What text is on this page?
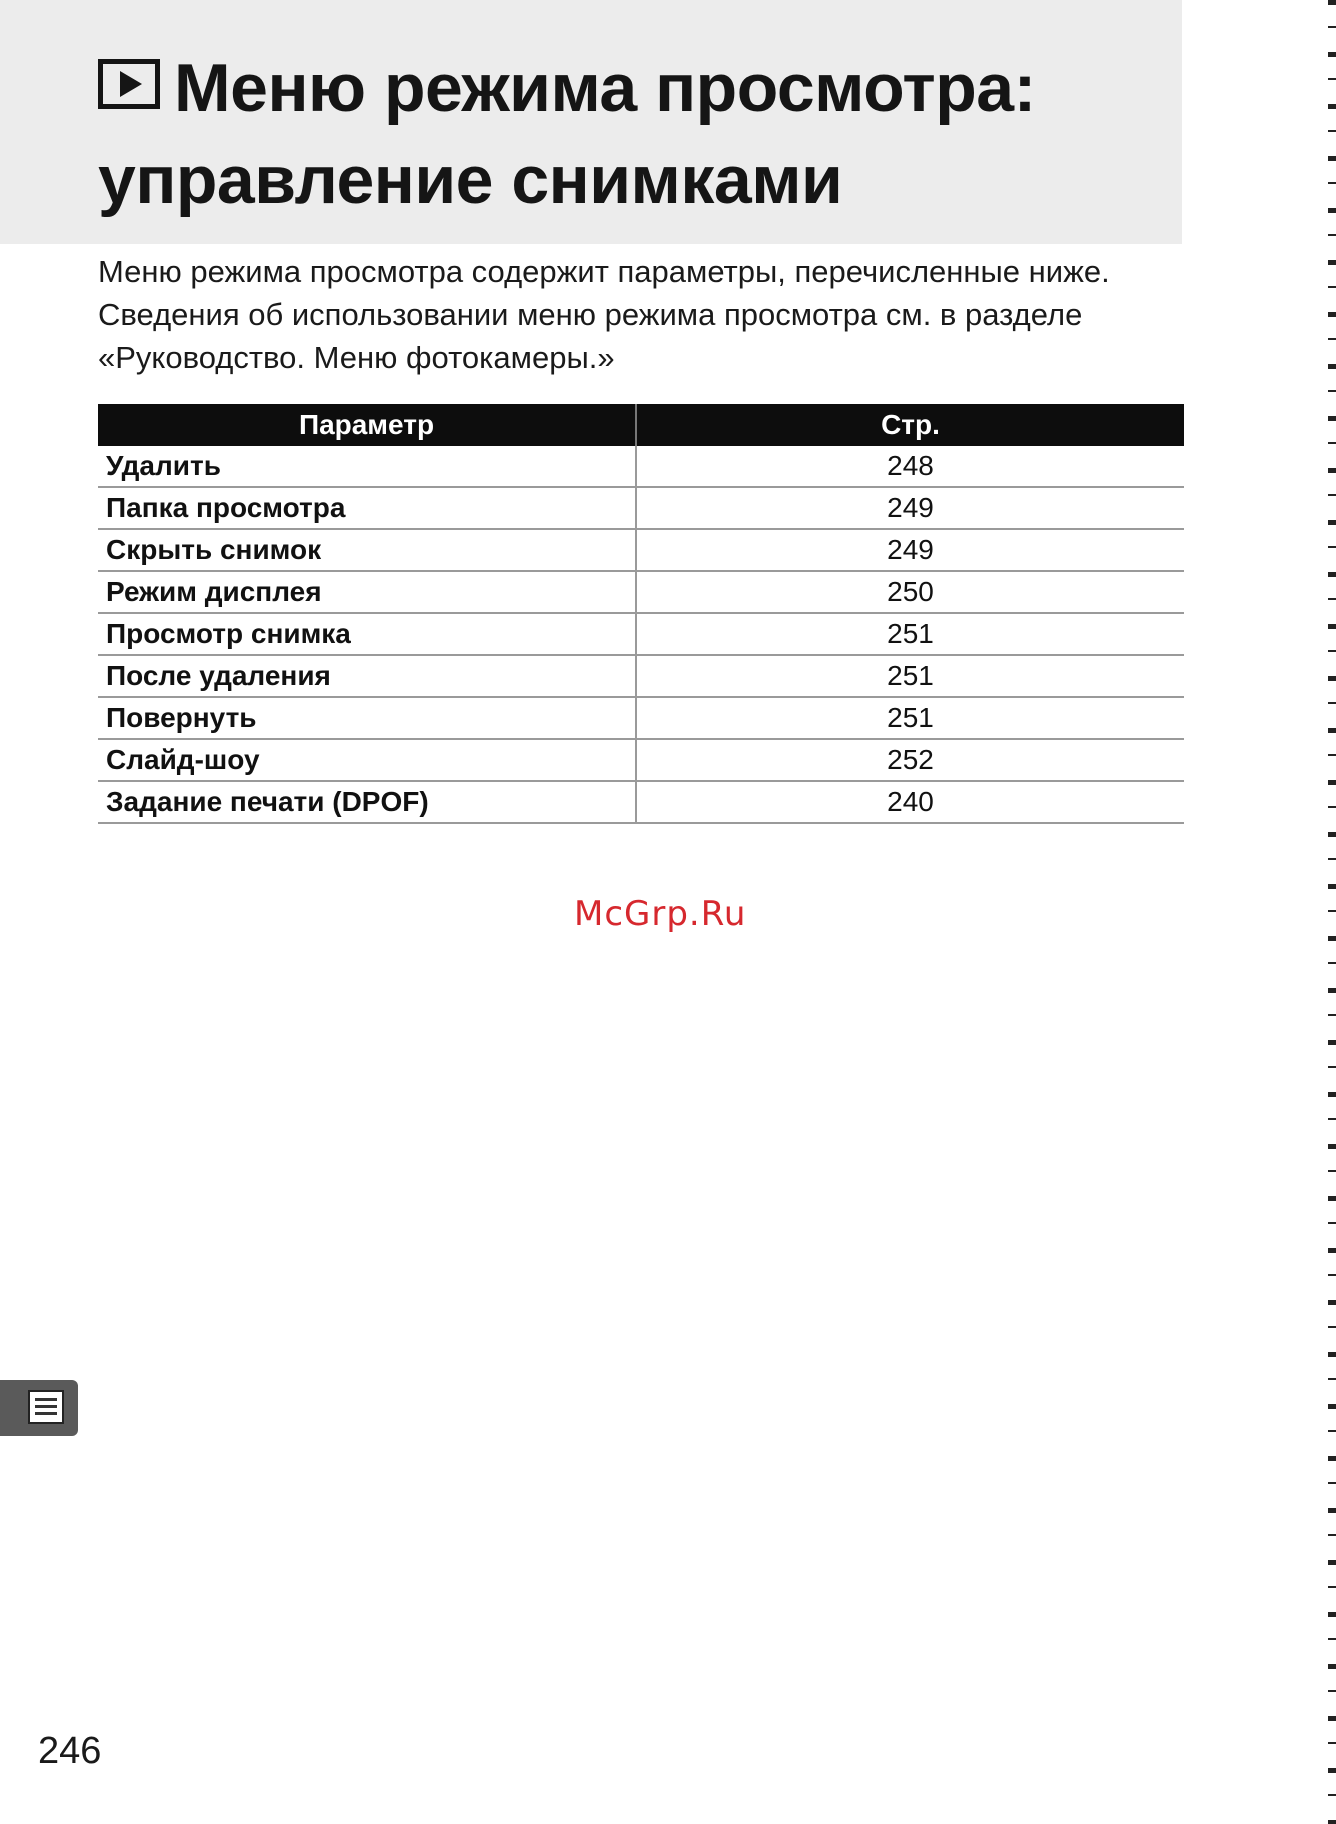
Меню режима просмотра: управление снимками

Меню режима просмотра содержит параметры, перечисленные ниже. Сведения об использовании меню режима просмотра см. в разделе «Руководство. Меню фотокамеры.»

Параметр	Стр.
Удалить	248
Папка просмотра	249
Скрыть снимок	249
Режим дисплея	250
Просмотр снимка	251
После удаления	251
Повернуть	251
Слайд-шоу	252
Задание печати (DPOF)	240
McGrp.Ru
246
